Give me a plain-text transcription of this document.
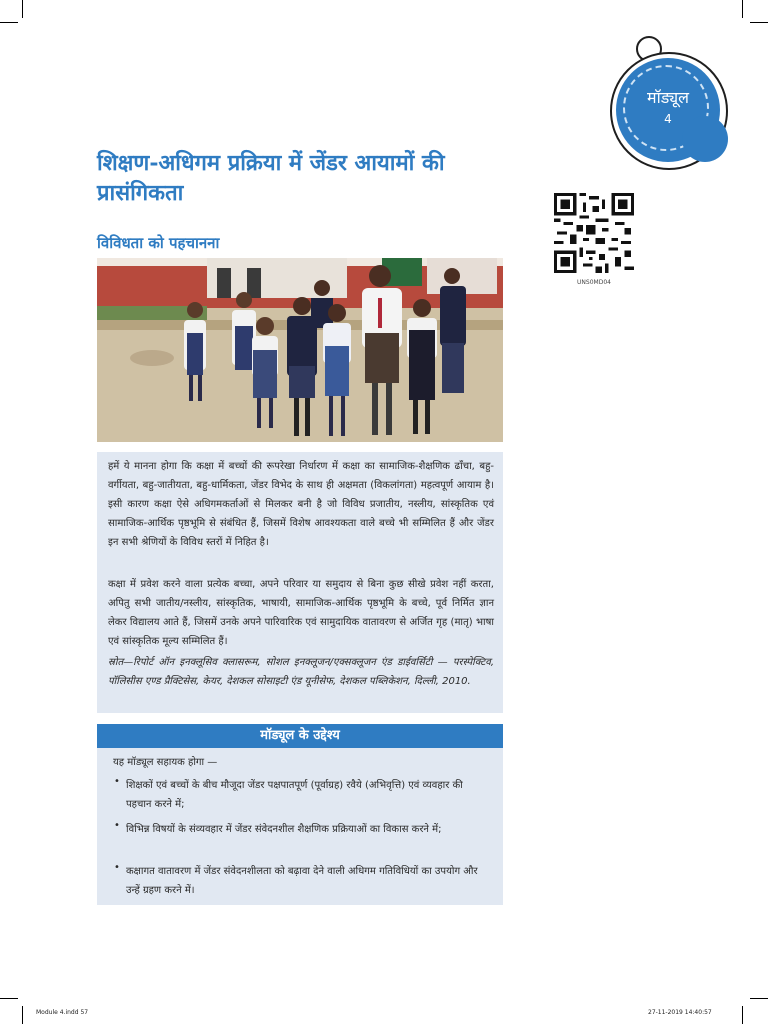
मॉड्यूल
4
शिक्षण-अधिगम प्रक्रिया में जेंडर आयामों की प्रासंगिकता
UNS0MD04
विविधता को पहचानना
हमें ये मानना होगा कि कक्षा में बच्चों की रूपरेखा निर्धारण में कक्षा का सामाजिक-शैक्षणिक ढाँचा, बहु-वर्गीयता, बहु-जातीयता, बहु-धार्मिकता, जेंडर विभेद के साथ ही अक्षमता (विकलांगता) महत्वपूर्ण आयाम है। इसी कारण कक्षा ऐसे अधिगमकर्ताओं से मिलकर बनी है जो विविध प्रजातीय, नस्लीय, सांस्कृतिक एवं सामाजिक-आर्थिक पृष्ठभूमि से संबंधित हैं, जिसमें विशेष आवश्यकता वाले बच्चे भी सम्मिलित हैं और जेंडर इन सभी श्रेणियों के विविध स्तरों में निहित है।
कक्षा में प्रवेश करने वाला प्रत्येक बच्चा, अपने परिवार या समुदाय से बिना कुछ सीखे प्रवेश नहीं करता, अपितु सभी जातीय/नस्लीय, सांस्कृतिक, भाषायी, सामाजिक-आर्थिक पृष्ठभूमि के बच्चे, पूर्व निर्मित ज्ञान लेकर विद्यालय आते हैं, जिसमें उनके अपने पारिवारिक एवं सामुदायिक वातावरण से अर्जित गृह (मातृ) भाषा एवं सांस्कृतिक मूल्य सम्मिलित हैं।
स्रोत—रिपोर्ट ऑन इनक्लूसिव क्लासरूम, सोशल इनक्लूजन/एक्सक्लूजन एंड डाईवर्सिटी — परस्पेक्टिव, पॉलिसीस एण्ड प्रैक्टिसेस, केयर, देशकल सोसाइटी एंड यूनीसेफ, देशकल पब्लिकेशन, दिल्ली, 2010.
मॉड्यूल के उद्देश्य
यह मॉड्यूल सहायक होगा —
• शिक्षकों एवं बच्चों के बीच मौजूदा जेंडर पक्षपातपूर्ण (पूर्वाग्रह) रवैये (अभिवृत्ति) एवं व्यवहार की पहचान करने में;
• विभिन्न विषयों के संव्यवहार में जेंडर संवेदनशील शैक्षणिक प्रक्रियाओं का विकास करने में;
• कक्षागत वातावरण में जेंडर संवेदनशीलता को बढ़ावा देने वाली अधिगम गतिविधियों का उपयोग और उन्हें ग्रहण करने में।
Module 4.indd 57	27-11-2019 14:40:57
